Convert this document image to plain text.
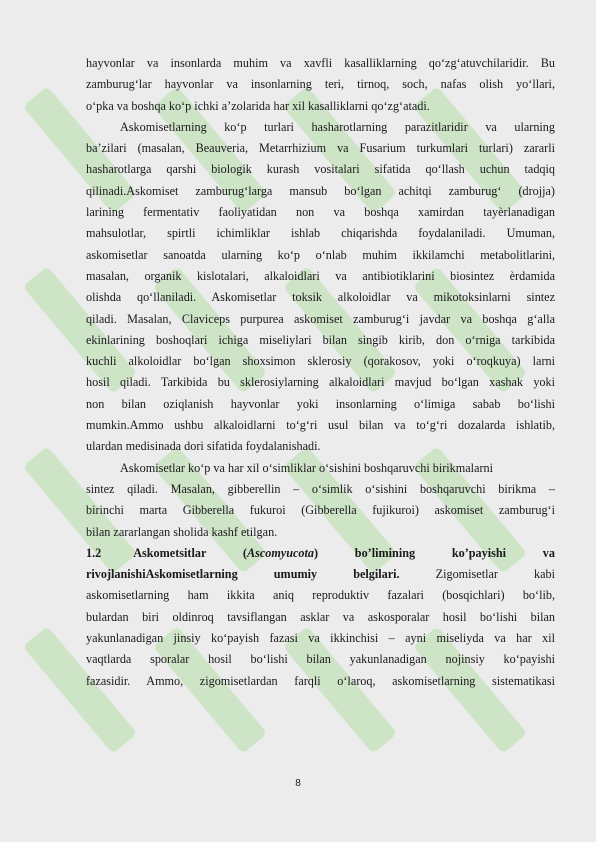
hayvonlar va insonlarda muhim va xavfli kasalliklarning qo‘zg‘atuvchilaridir. Bu

zamburug‘lar hayvonlar va insonlarning teri, tirnoq, soch, nafas olish yo‘llari,

o‘pka va boshqa ko‘p ichki a’zolarida har xil kasalliklarni qo‘zg‘atadi.

Askomisetlarning ko‘p turlari hasharotlarning parazitlaridir va ularning

ba’zilari (masalan, Beauveria, Metarrhizium va Fusarium turkumlari turlari) zararli

hasharotlarga qarshi biologik kurash vositalari sifatida qo‘llash uchun tadqiq

qilinadi.Askomiset zamburug‘larga mansub bo‘lgan achitqi zamburug‘ (drojja)

larining fermentativ faoliyatidan non va boshqa xamirdan tayèrlanadigan

mahsulotlar, spirtli ichimliklar ishlab chiqarishda foydalaniladi. Umuman,

askomisetlar sanoatda ularning ko‘p o‘nlab muhim ikkilamchi metabolitlarini,

masalan, organik kislotalari, alkaloidlari va antibiotiklarini biosintez èrdamida

olishda qo‘llaniladi. Askomisetlar toksik alkoloidlar va mikotoksinlarni sintez

qiladi. Masalan, Claviceps purpurea askomiset zamburug‘i javdar va boshqa g‘alla

ekinlarining boshoqlari ichiga miseliylari bilan singib kirib, don o‘rniga tarkibida

kuchli alkoloidlar bo‘lgan shoxsimon sklerosiy (qorakosov, yoki o‘roqkuya) larni

hosil qiladi. Tarkibida bu sklerosiylarning alkaloidlari mavjud bo‘lgan xashak yoki

non bilan oziqlanish hayvonlar yoki insonlarning o‘limiga sabab bo‘lishi

mumkin.Ammo ushbu alkaloidlarni to‘g‘ri usul bilan va to‘g‘ri dozalarda ishlatib,

ulardan medisinada dori sifatida foydalanishadi.

Askomisetlar ko‘p va har xil o‘simliklar o‘sishini boshqaruvchi birikmalarni

sintez qiladi. Masalan, gibberellin – o‘simlik o‘sishini boshqaruvchi birikma –

birinchi marta Gibberella fukuroi (Gibberella fujikuroi) askomiset zamburug‘i

bilan zararlangan sholida kashf etilgan.

1.2	Askometsitlar (Ascomyucota) bo’limining ko’payishi va

rivojlanishiAskomisetlarning umumiy belgilari. Zigomisetlar kabi

askomisetlarning ham ikkita aniq reproduktiv fazalari (bosqichlari) bo‘lib,

bulardan biri oldinroq tavsiflangan asklar va askosporalar hosil bo‘lishi bilan

yakunlanadigan jinsiy ko‘payish fazasi va ikkinchisi – ayni miseliyda va har xil

vaqtlarda sporalar hosil bo‘lishi bilan yakunlanadigan nojinsiy ko‘payishi

fazasidir. Ammo, zigomisetlardan farqli o‘laroq, askomisetlarning sistematikasi

8
